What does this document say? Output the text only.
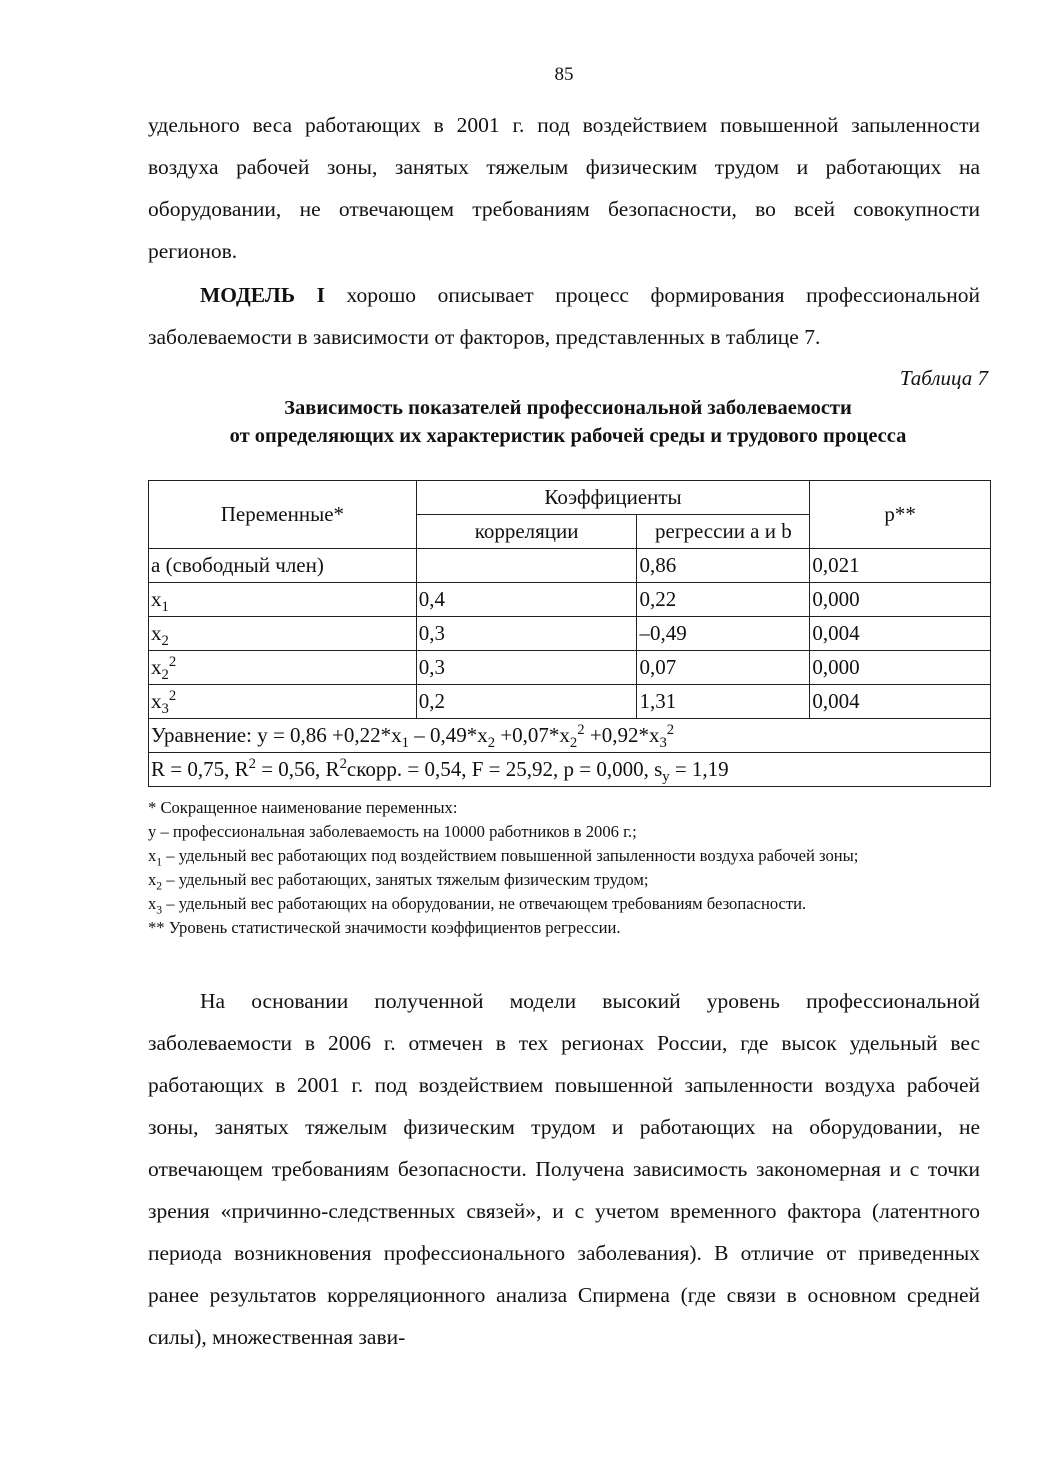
85

удельного веса работающих в 2001 г. под воздействием повышенной запыленности воздуха рабочей зоны, занятых тяжелым физическим трудом и работающих на оборудовании, не отвечающем требованиям безопасности, во всей совокупности регионов.

МОДЕЛЬ I хорошо описывает процесс формирования профессиональной заболеваемости в зависимости от факторов, представленных в таблице 7.

Таблица 7
Зависимость показателей профессиональной заболеваемости
от определяющих их характеристик рабочей среды и трудового процесса
Переменные*	Коэффициенты		p**
	корреляции	регрессии a и b	
a (свободный член)		0,86	0,021
$x_1$	0,4	0,22	0,000
$x_2$	0,3	–0,49	0,004
$x_2^2$	0,3	0,07	0,000
$x_3^2$	0,2	1,31	0,004
Уравнение: $y = 0,86 +0,22*x_1 - 0,49*x_2 +0,07*x_2^2 +0,92*x_3^2$
R = 0,75, $R^2 = 0,56$, $R^2скорр$. = 0,54, F = 25,92, p = 0,000, $s_y = 1,19$			

* Сокращенное наименование переменных:

y – профессиональная заболеваемость на 10000 работников в 2006 г.;

$x_1$ – удельный вес работающих под воздействием повышенной запыленности воздуха рабочей зоны;

$x_2$ – удельный вес работающих, занятых тяжелым физическим трудом;

$x_3$ – удельный вес работающих на оборудовании, не отвечающем требованиям безопасности.

** Уровень статистической значимости коэффициентов регрессии.

На основании полученной модели высокий уровень профессиональной заболеваемости в 2006 г. отмечен в тех регионах России, где высок удельный вес работающих в 2001 г. под воздействием повышенной запыленности воздуха рабочей зоны, занятых тяжелым физическим трудом и работающих на оборудовании, не отвечающем требованиям безопасности. Получена зависимость закономерная и с точки зрения «причинно-следственных связей», и с учетом временного фактора (латентного периода возникновения профессионального заболевания). В отличие от приведенных ранее результатов корреляционного анализа Спирмена (где связи в основном средней силы), множественная зави-
